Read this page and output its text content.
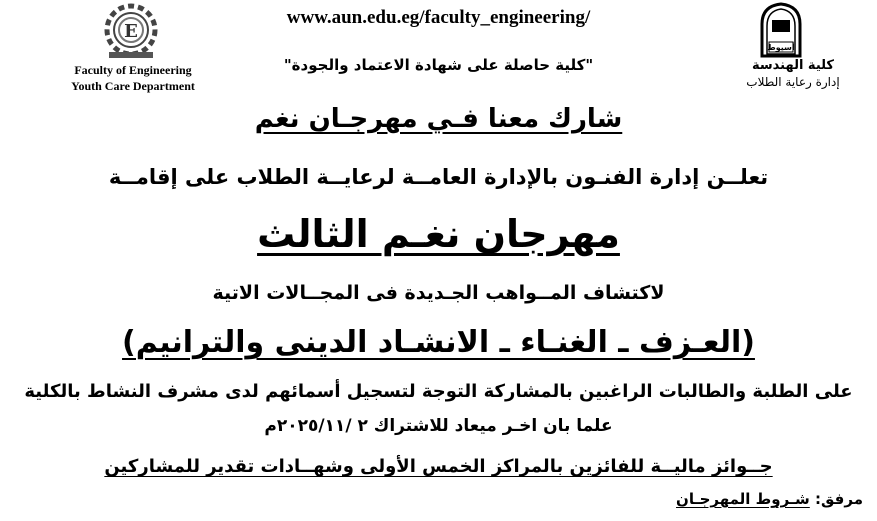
أسيوط
E
www.aun.edu.eg/faculty_engineering/
"كلية حاصلة على شهادة الاعتماد والجودة"
Faculty of Engineering
Youth Care Department
كلية الهندسة
إدارة رعاية الطلاب
شارك معنا فـي مهرجـان نغم
تعلــن إدارة الفنـون بالإدارة العامــة لرعايــة الطلاب على إقامــة
مهرجان نغـم الثالث
لاكتشاف المــواهب الجـديدة فى المجــالات الاتية
(العـزف ـ الغنـاء ـ الانشـاد الدينى والترانيم)
على الطلبة والطالبات الراغبين بالمشاركة التوجة لتسجيل أسمائهم لدى مشرف النشاط بالكلية
علما بان اخـر ميعاد للاشتراك ٢ /٢٠٢٥/١١م
جــوائز ماليــة للفائزين بالمراكز الخمس الأولى وشهــادات تقدير للمشاركين
مرفق: شـروط المهرجـان
